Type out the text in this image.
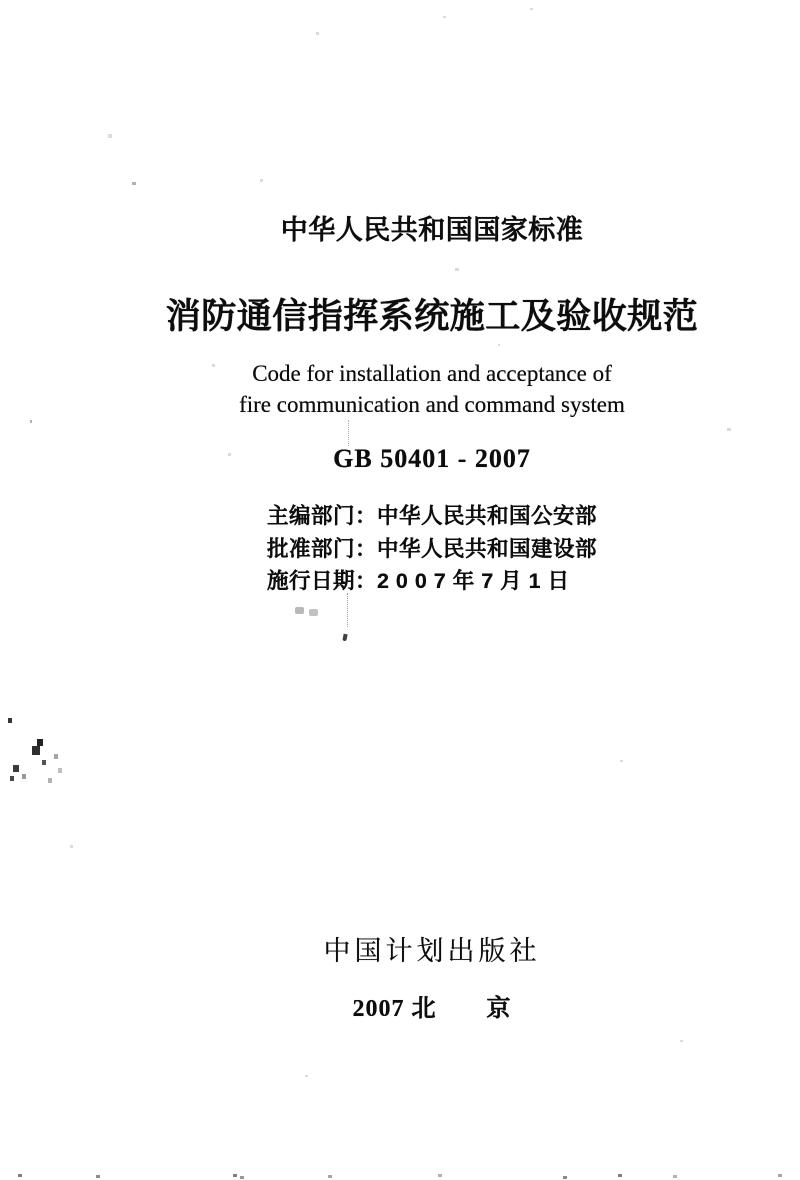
中华人民共和国国家标准
消防通信指挥系统施工及验收规范
Code for installation and acceptance of
fire communication and command system
GB 50401 - 2007
主编部门：中华人民共和国公安部
批准部门：中华人民共和国建设部
施行日期：2 0 0 7 年 7 月 1 日
中国计划出版社
2007 北　　京
